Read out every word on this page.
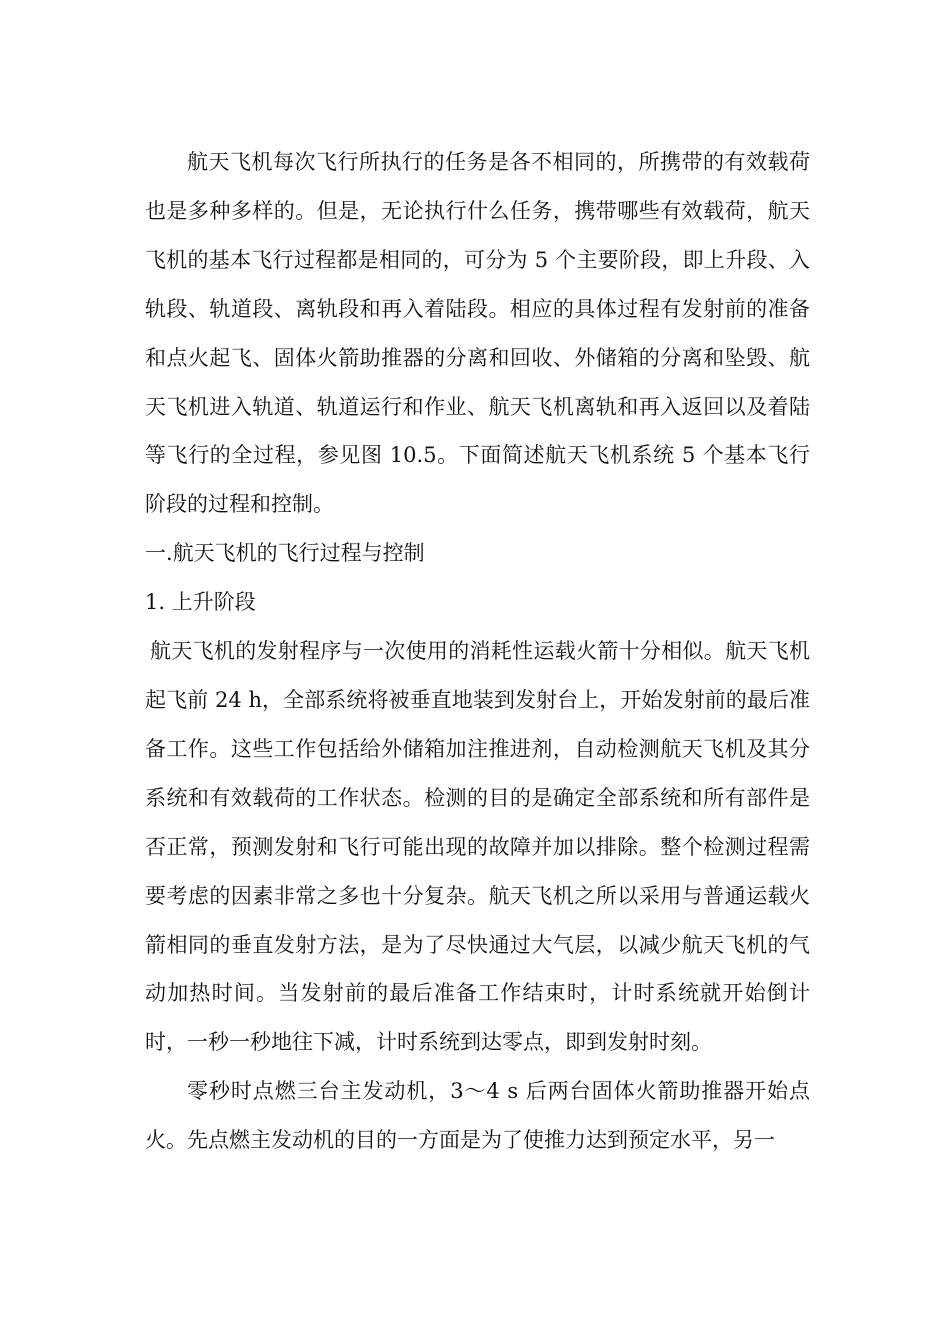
航天飞机每次飞行所执行的任务是各不相同的，所携带的有效载荷也是多种多样的。但是，无论执行什么任务，携带哪些有效载荷，航天飞机的基本飞行过程都是相同的，可分为 5 个主要阶段，即上升段、入轨段、轨道段、离轨段和再入着陆段。相应的具体过程有发射前的准备和点火起飞、固体火箭助推器的分离和回收、外储箱的分离和坠毁、航天飞机进入轨道、轨道运行和作业、航天飞机离轨和再入返回以及着陆等飞行的全过程，参见图 10.5。下面简述航天飞机系统 5 个基本飞行阶段的过程和控制。

一.航天飞机的飞行过程与控制

1. 上升阶段

航天飞机的发射程序与一次使用的消耗性运载火箭十分相似。航天飞机起飞前 24 h，全部系统将被垂直地装到发射台上，开始发射前的最后准备工作。这些工作包括给外储箱加注推进剂，自动检测航天飞机及其分系统和有效载荷的工作状态。检测的目的是确定全部系统和所有部件是否正常，预测发射和飞行可能出现的故障并加以排除。整个检测过程需要考虑的因素非常之多也十分复杂。航天飞机之所以采用与普通运载火箭相同的垂直发射方法，是为了尽快通过大气层，以减少航天飞机的气动加热时间。当发射前的最后准备工作结束时，计时系统就开始倒计时，一秒一秒地往下减，计时系统到达零点，即到发射时刻。

零秒时点燃三台主发动机，3～4 s 后两台固体火箭助推器开始点火。先点燃主发动机的目的一方面是为了使推力达到预定水平，另一
